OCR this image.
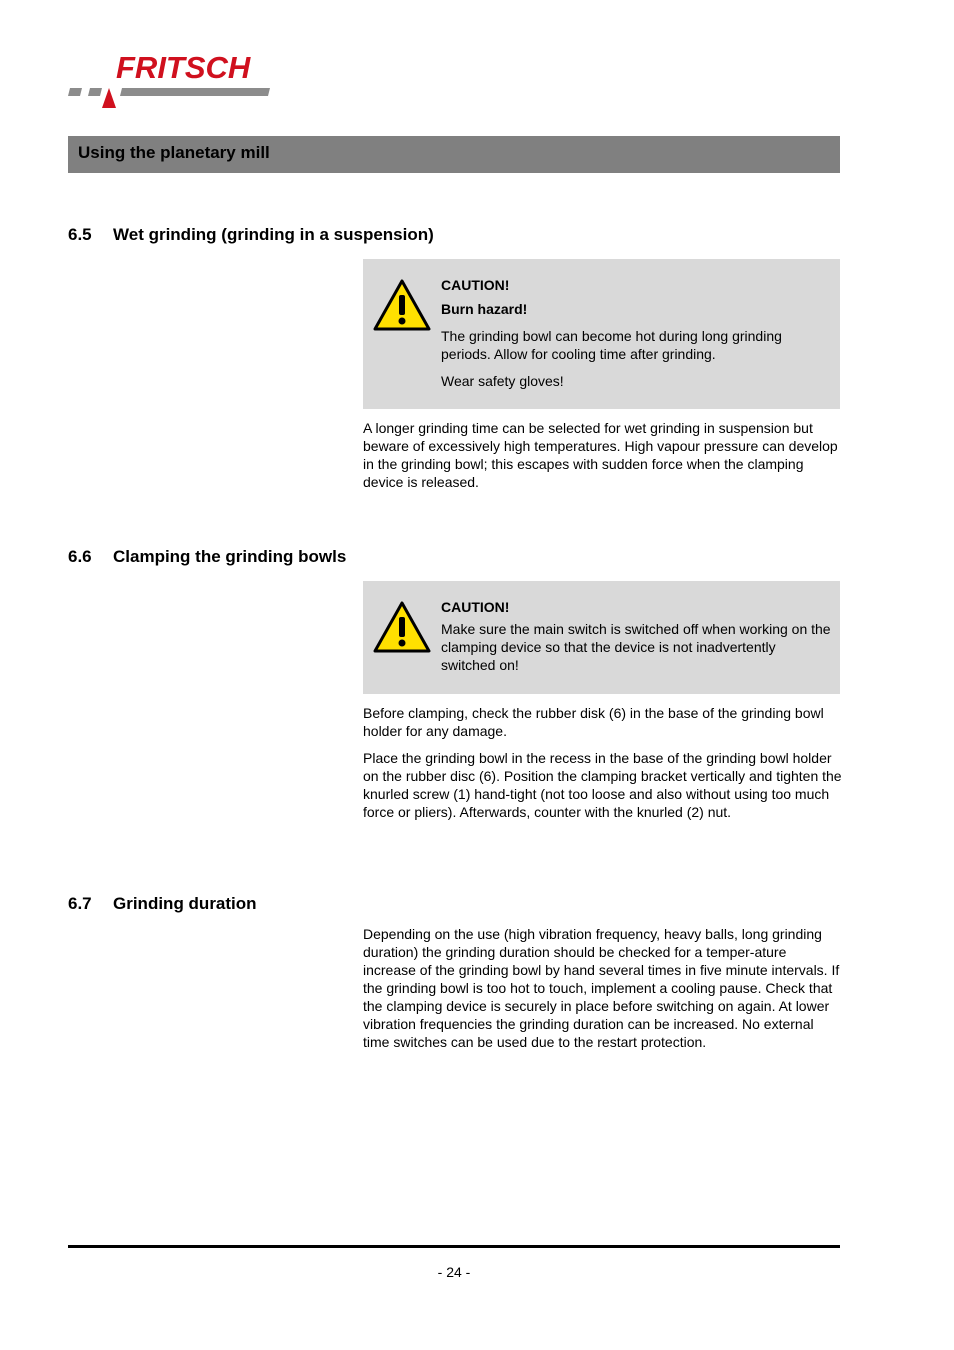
FRITSCH
Using the planetary mill
6.5 Wet grinding (grinding in a suspension)

CAUTION!

Burn hazard!

The grinding bowl can become hot during long grinding periods. Allow for cooling time after grinding.

Wear safety gloves!

A longer grinding time can be selected for wet grinding in suspension but beware of excessively high temperatures. High vapour pressure can develop in the grinding bowl; this escapes with sudden force when the clamping device is released.

6.6 Clamping the grinding bowls

CAUTION!

Make sure the main switch is switched off when working on the clamping device so that the device is not inadvertently switched on!

Before clamping, check the rubber disk (6) in the base of the grinding bowl holder for any damage.

Place the grinding bowl in the recess in the base of the grinding bowl holder on the rubber disc (6). Position the clamping bracket vertically and tighten the knurled screw (1) hand-tight (not too loose and also without using too much force or pliers). Afterwards, counter with the knurled (2) nut.

6.7 Grinding duration

Depending on the use (high vibration frequency, heavy balls, long grinding duration) the grinding duration should be checked for a temper-ature increase of the grinding bowl by hand several times in five minute intervals. If the grinding bowl is too hot to touch, implement a cooling pause. Check that the clamping device is securely in place before switching on again. At lower vibration frequencies the grinding duration can be increased. No external time switches can be used due to the restart protection.

- 24 -
